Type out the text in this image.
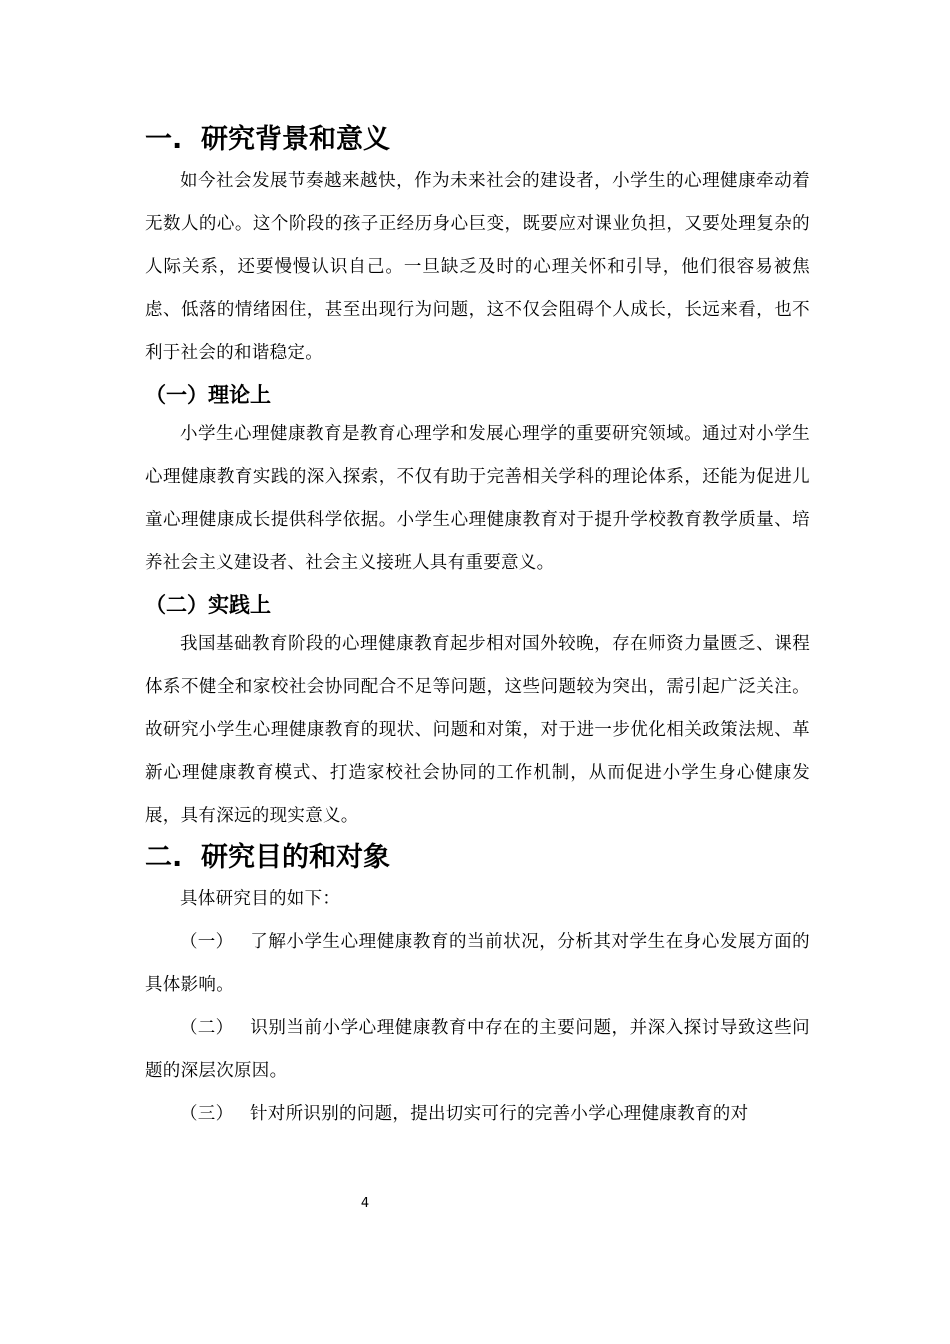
一. 研究背景和意义

如今社会发展节奏越来越快，作为未来社会的建设者，小学生的心理健康牵动着无数人的心。这个阶段的孩子正经历身心巨变，既要应对课业负担，又要处理复杂的人际关系，还要慢慢认识自己。一旦缺乏及时的心理关怀和引导，他们很容易被焦虑、低落的情绪困住，甚至出现行为问题，这不仅会阻碍个人成长，长远来看，也不利于社会的和谐稳定。

（一）理论上

小学生心理健康教育是教育心理学和发展心理学的重要研究领域。通过对小学生心理健康教育实践的深入探索，不仅有助于完善相关学科的理论体系，还能为促进儿童心理健康成长提供科学依据。小学生心理健康教育对于提升学校教育教学质量、培养社会主义建设者、社会主义接班人具有重要意义。

（二）实践上

我国基础教育阶段的心理健康教育起步相对国外较晚，存在师资力量匮乏、课程体系不健全和家校社会协同配合不足等问题，这些问题较为突出，需引起广泛关注。故研究小学生心理健康教育的现状、问题和对策，对于进一步优化相关政策法规、革新心理健康教育模式、打造家校社会协同的工作机制，从而促进小学生身心健康发展，具有深远的现实意义。

二. 研究目的和对象

具体研究目的如下：

（一） 了解小学生心理健康教育的当前状况，分析其对学生在身心发展方面的具体影响。

（二） 识别当前小学心理健康教育中存在的主要问题，并深入探讨导致这些问题的深层次原因。

（三） 针对所识别的问题，提出切实可行的完善小学心理健康教育的对

4
